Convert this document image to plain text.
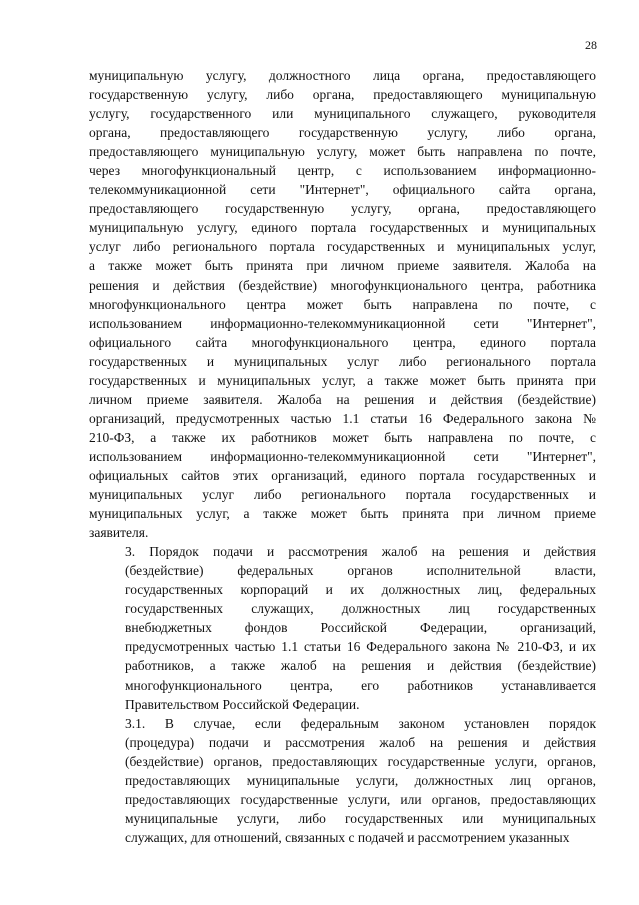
28

муниципальную услугу, должностного лица органа, предоставляющего
государственную услугу, либо органа, предоставляющего муниципальную
услугу, государственного или муниципального служащего, руководителя
органа, предоставляющего государственную услугу, либо органа,
предоставляющего муниципальную услугу, может быть направлена по почте,
через многофункциональный центр, с использованием информационно-
телекоммуникационной сети "Интернет", официального сайта органа,
предоставляющего государственную услугу, органа, предоставляющего
муниципальную услугу, единого портала государственных и муниципальных
услуг либо регионального портала государственных и муниципальных услуг,
а также может быть принята при личном приеме заявителя. Жалоба на
решения и действия (бездействие) многофункционального центра, работника
многофункционального центра может быть направлена по почте, с
использованием информационно-телекоммуникационной сети "Интернет",
официального сайта многофункционального центра, единого портала
государственных и муниципальных услуг либо регионального портала
государственных и муниципальных услуг, а также может быть принята при
личном приеме заявителя. Жалоба на решения и действия (бездействие)
организаций, предусмотренных частью 1.1 статьи 16 Федерального закона №
210-ФЗ, а также их работников может быть направлена по почте, с
использованием информационно-телекоммуникационной сети "Интернет",
официальных сайтов этих организаций, единого портала государственных и
муниципальных услуг либо регионального портала государственных и
муниципальных услуг, а также может быть принята при личном приеме
заявителя.

3. Порядок подачи и рассмотрения жалоб на решения и действия
(бездействие) федеральных органов исполнительной власти,
государственных корпораций и их должностных лиц, федеральных
государственных служащих, должностных лиц государственных
внебюджетных фондов Российской Федерации, организаций,
предусмотренных частью 1.1 статьи 16 Федерального закона № 210-ФЗ, и их
работников, а также жалоб на решения и действия (бездействие)
многофункционального центра, его работников устанавливается
Правительством Российской Федерации.

3.1. В случае, если федеральным законом установлен порядок
(процедура) подачи и рассмотрения жалоб на решения и действия
(бездействие) органов, предоставляющих государственные услуги, органов,
предоставляющих муниципальные услуги, должностных лиц органов,
предоставляющих государственные услуги, или органов, предоставляющих
муниципальные услуги, либо государственных или муниципальных
служащих, для отношений, связанных с подачей и рассмотрением указанных
